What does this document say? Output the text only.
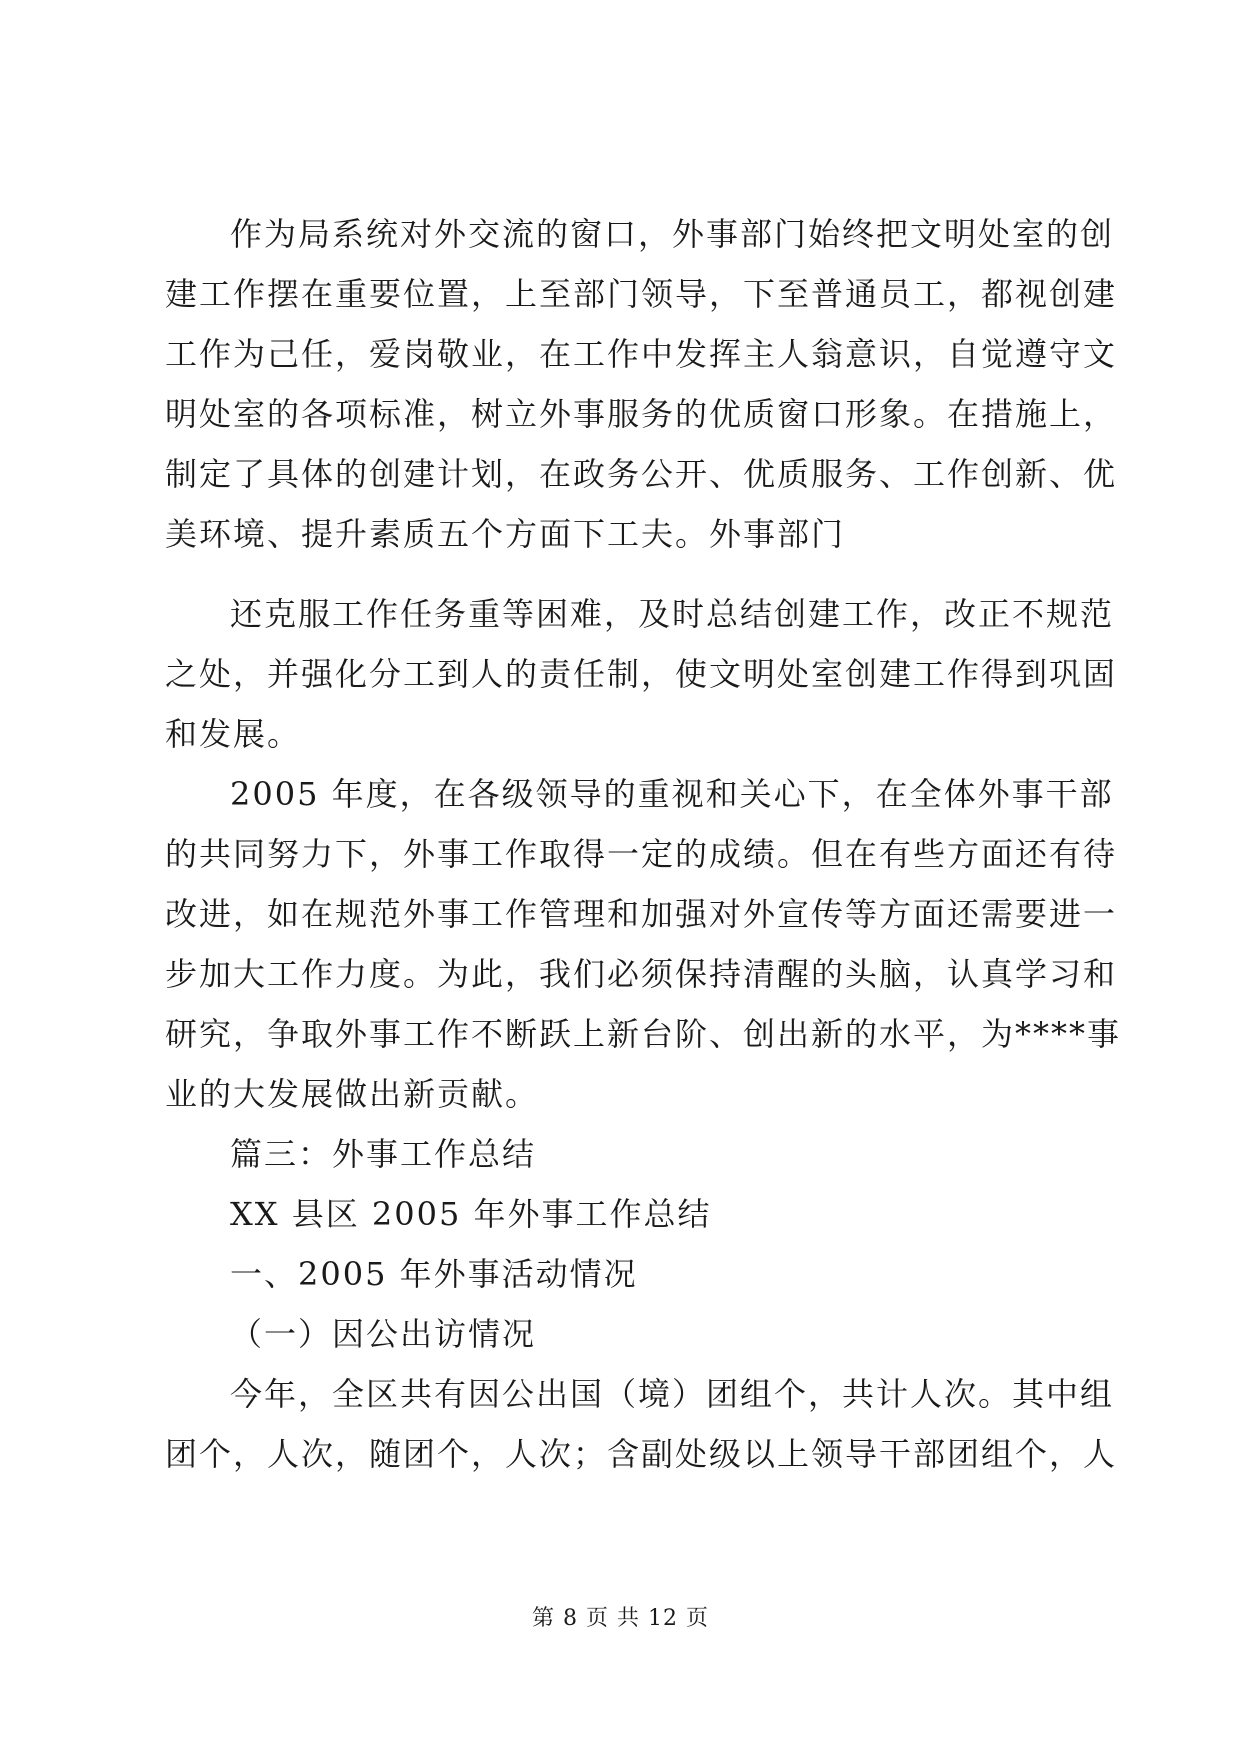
作为局系统对外交流的窗口，外事部门始终把文明处室的创
建工作摆在重要位置，上至部门领导，下至普通员工，都视创建
工作为己任，爱岗敬业，在工作中发挥主人翁意识，自觉遵守文
明处室的各项标准，树立外事服务的优质窗口形象。在措施上，
制定了具体的创建计划，在政务公开、优质服务、工作创新、优
美环境、提升素质五个方面下工夫。外事部门
还克服工作任务重等困难，及时总结创建工作，改正不规范
之处，并强化分工到人的责任制，使文明处室创建工作得到巩固
和发展。
2005 年度，在各级领导的重视和关心下，在全体外事干部
的共同努力下，外事工作取得一定的成绩。但在有些方面还有待
改进，如在规范外事工作管理和加强对外宣传等方面还需要进一
步加大工作力度。为此，我们必须保持清醒的头脑，认真学习和
研究，争取外事工作不断跃上新台阶、创出新的水平，为****事
业的大发展做出新贡献。
篇三：外事工作总结
XX 县区 2005 年外事工作总结
一、2005 年外事活动情况
（一）因公出访情况
今年，全区共有因公出国（境）团组个，共计人次。其中组
团个，人次，随团个，人次；含副处级以上领导干部团组个，人
第 8 页 共 12 页
